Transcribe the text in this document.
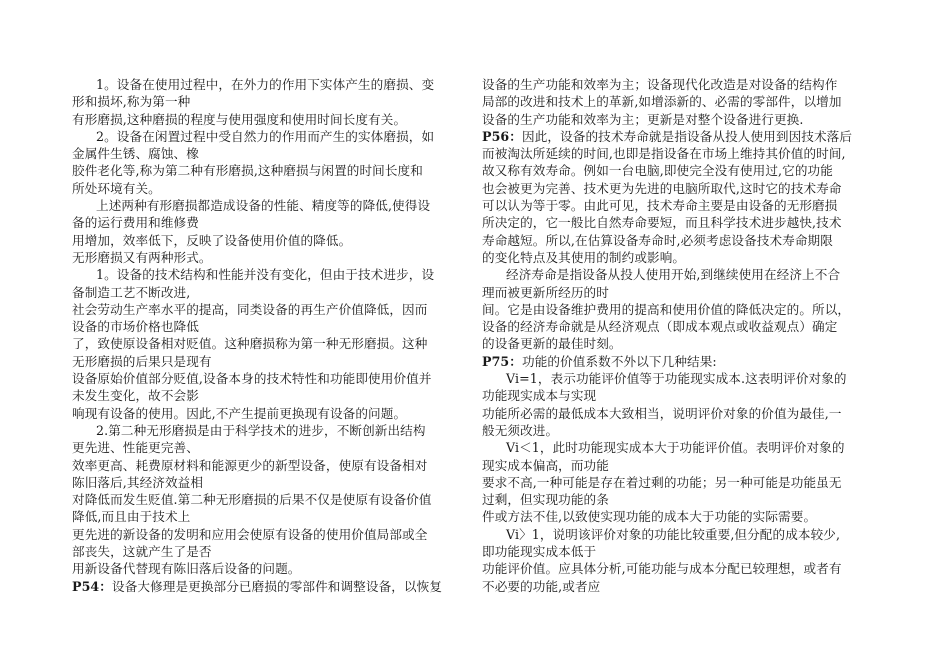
1。设备在使用过程中，在外力的作用下实体产生的磨损、变

形和损坏,称为第一种

有形磨损,这种磨损的程度与使用强度和使用时间长度有关。

2。设备在闲置过程中受自然力的作用而产生的实体磨损，如

金属件生锈、腐蚀、橡

胶件老化等,称为第二种有形磨损,这种磨损与闲置的时间长度和

所处环境有关。

上述两种有形磨损都造成设备的性能、精度等的降低,使得设

备的运行费用和维修费

用增加，效率低下，反映了设备使用价值的降低。

无形磨损又有两种形式。

1。设备的技术结构和性能并没有变化，但由于技术进步，设

备制造工艺不断改进,

社会劳动生产率水平的提高，同类设备的再生产价值降低，因而

设备的市场价格也降低

了，致使原设备相对贬值。这种磨损称为第一种无形磨损。这种

无形磨损的后果只是现有

设备原始价值部分贬值,设备本身的技术特性和功能即使用价值并

未发生变化，故不会影

响现有设备的使用。因此,不产生提前更换现有设备的问题。

2.第二种无形磨损是由于科学技术的进步，不断创新出结构

更先进、性能更完善、

效率更高、耗费原材料和能源更少的新型设备，使原有设备相对

陈旧落后,其经济效益相

对降低而发生贬值.第二种无形磨损的后果不仅是使原有设备价值

降低,而且由于技术上

更先进的新设备的发明和应用会使原有设备的使用价值局部或全

部丧失，这就产生了是否

用新设备代替现有陈旧落后设备的问题。

P54：设备大修理是更换部分已磨损的零部件和调整设备，以恢复

设备的生产功能和效率为主；设备现代化改造是对设备的结构作

局部的改进和技术上的革新,如增添新的、必需的零部件，以增加

设备的生产功能和效率为主；更新是对整个设备进行更换.

P56：因此，设备的技术寿命就是指设备从投人使用到因技术落后

而被淘汰所延续的时间,也即是指设备在市场上维持其价值的时间,

故又称有效寿命。例如一台电脑,即使完全没有使用过,它的功能

也会被更为完善、技术更为先进的电脑所取代,这时它的技术寿命

可以认为等于零。由此可见，技术寿命主要是由设备的无形磨损

所决定的，它一般比自然寿命要短，而且科学技术进步越快,技术

寿命越短。所以,在估算设备寿命时,必须考虑设备技术寿命期限

的变化特点及其使用的制约或影响。

经济寿命是指设备从投人使用开始,到继续使用在经济上不合

理而被更新所经历的时

间。它是由设备维护费用的提高和使用价值的降低决定的。所以，

设备的经济寿命就是从经济观点（即成本观点或收益观点）确定

的设备更新的最佳时刻。

P75：功能的价值系数不外以下几种结果:

Vi=1，表示功能评价值等于功能现实成本.这表明评价对象的

功能现实成本与实现

功能所必需的最低成本大致相当，说明评价对象的价值为最佳,一

般无须改进。

Vi＜1，此时功能现实成本大于功能评价值。表明评价对象的

现实成本偏高，而功能

要求不高,一种可能是存在着过剩的功能；另一种可能是功能虽无

过剩，但实现功能的条

件或方法不佳,以致使实现功能的成本大于功能的实际需要。

Vi〉1，说明该评价对象的功能比较重要,但分配的成本较少,

即功能现实成本低于

功能评价值。应具体分析,可能功能与成本分配已较理想，或者有

不必要的功能,或者应
